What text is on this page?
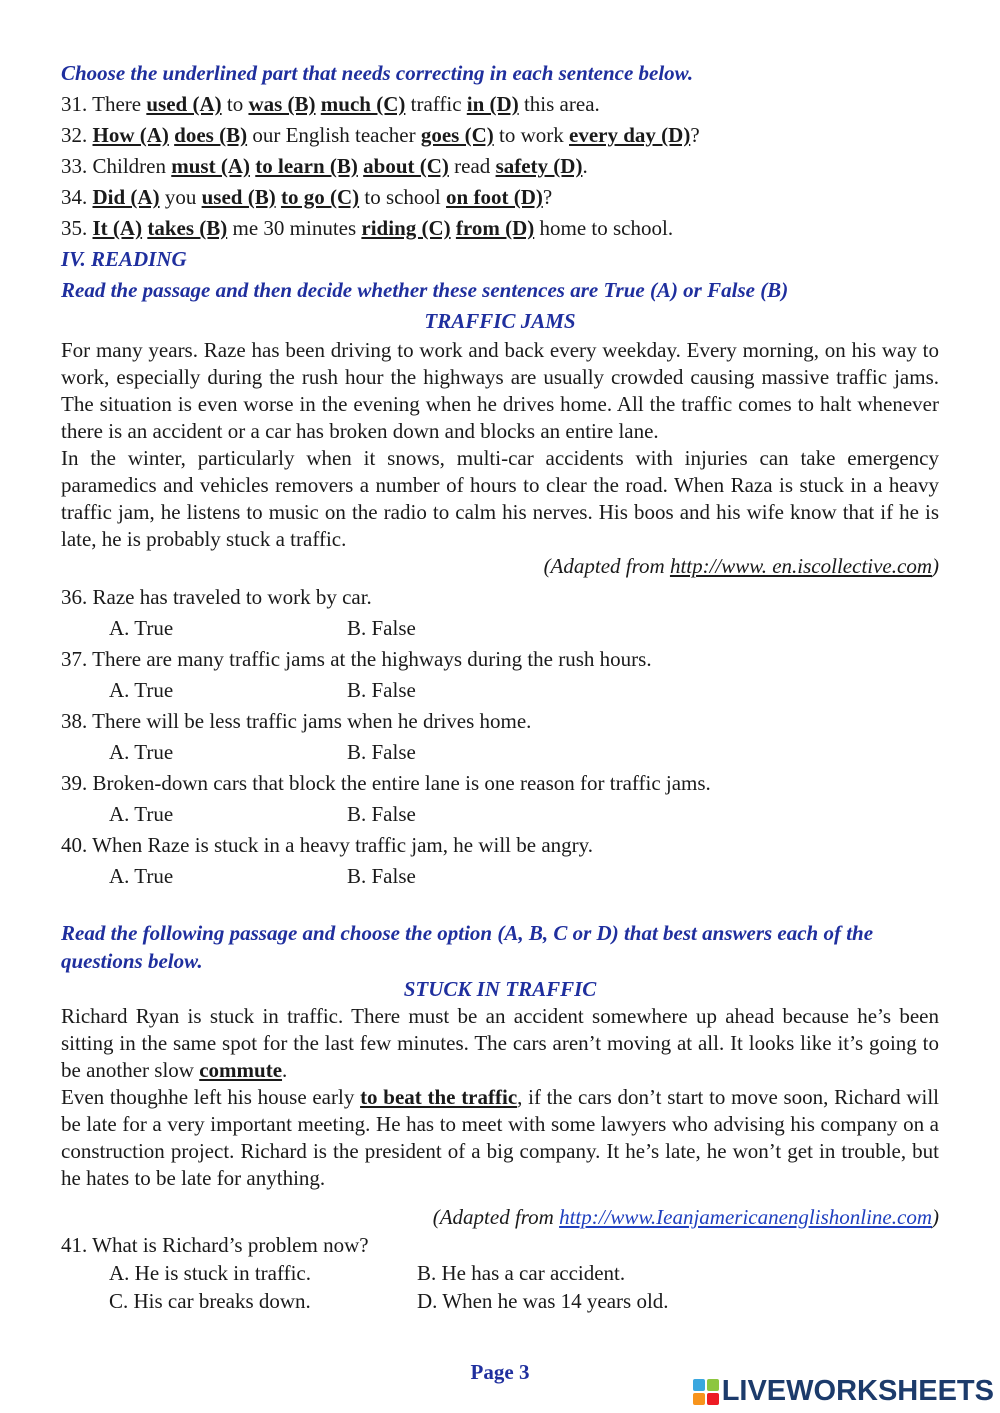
Choose the underlined part that needs correcting in each sentence below.
31. There used (A) to was (B) much (C) traffic in (D) this area.
32. How (A) does (B) our English teacher goes (C) to work every day (D)?
33. Children must (A) to learn (B) about (C) read safety (D).
34. Did (A) you used (B) to go (C) to school on foot (D)?
35. It (A) takes (B) me 30 minutes riding (C) from (D) home to school.
IV. READING
Read the passage and then decide whether these sentences are True (A) or False (B)
TRAFFIC JAMS
For many years. Raze has been driving to work and back every weekday. Every morning, on his way to work, especially during the rush hour the highways are usually crowded causing massive traffic jams. The situation is even worse in the evening when he drives home. All the traffic comes to halt whenever there is an accident or a car has broken down and blocks an entire lane.
In the winter, particularly when it snows, multi-car accidents with injuries can take emergency paramedics and vehicles removers a number of hours to clear the road. When Raza is stuck in a heavy traffic jam, he listens to music on the radio to calm his nerves. His boos and his wife know that if he is late, he is probably stuck a traffic.
(Adapted from http://www. en.iscollective.com)
36. Raze has traveled to work by car.
A. True	B. False
37. There are many traffic jams at the highways during the rush hours.
A. True	B. False
38. There will be less traffic jams when he drives home.
A. True	B. False
39. Broken-down cars that block the entire lane is one reason for traffic jams.
A. True	B. False
40. When Raze is stuck in a heavy traffic jam, he will be angry.
A. True	B. False
Read the following passage and choose the option (A, B, C or D) that best answers each of the questions below.
STUCK IN TRAFFIC
Richard Ryan is stuck in traffic. There must be an accident somewhere up ahead because he’s been sitting in the same spot for the last few minutes. The cars aren’t moving at all. It looks like it’s going to be another slow commute.
Even thoughhe left his house early to beat the traffic, if the cars don’t start to move soon, Richard will be late for a very important meeting. He has to meet with some lawyers who advising his company on a construction project. Richard is the president of a big company. It he’s late, he won’t get in trouble, but he hates to be late for anything.
(Adapted from http://www.Ieanjamericanenglishonline.com)
41. What is Richard’s problem now?
A. He is stuck in traffic.	B. He has a car accident.
C. His car breaks down.	D. When he was 14 years old.
Page 3
LIVEWORKSHEETS
